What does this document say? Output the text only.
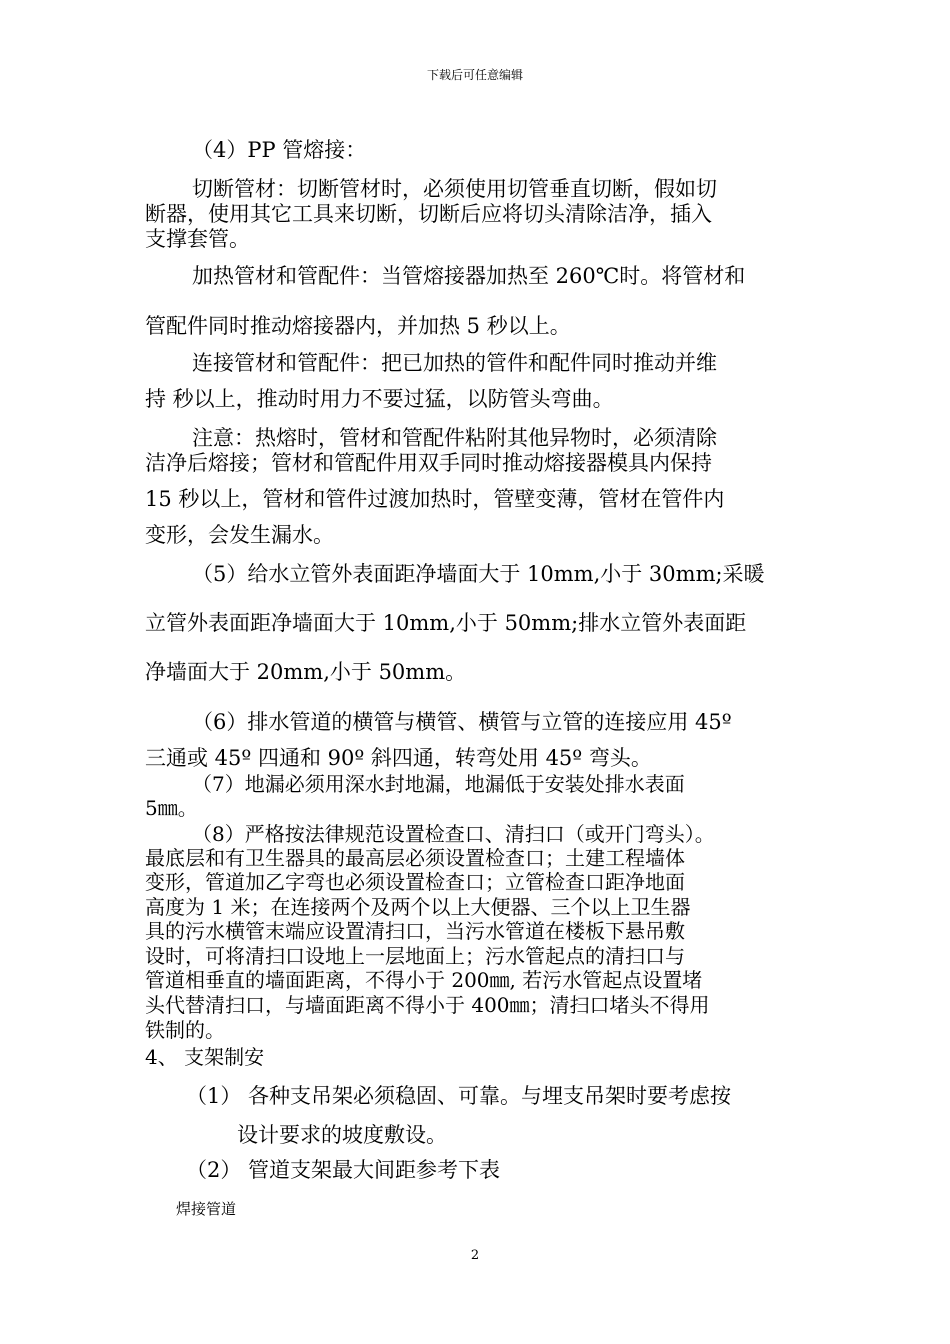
下载后可任意编辑
（4）PP 管熔接：
切断管材：切断管材时，必须使用切管垂直切断，假如切
断器，使用其它工具来切断，切断后应将切头清除洁净，插入
支撑套管。
加热管材和管配件：当管熔接器加热至 260℃时。将管材和
管配件同时推动熔接器内，并加热 5 秒以上。
连接管材和管配件：把已加热的管件和配件同时推动并维
持 秒以上，推动时用力不要过猛，以防管头弯曲。
注意：热熔时，管材和管配件粘附其他异物时，必须清除
洁净后熔接；管材和管配件用双手同时推动熔接器模具内保持
15 秒以上，管材和管件过渡加热时，管壁变薄，管材在管件内
变形，会发生漏水。
（5）给水立管外表面距净墙面大于 10mm,小于 30mm;采暖
立管外表面距净墙面大于 10mm,小于 50mm;排水立管外表面距
净墙面大于 20mm,小于 50mm。
（6）排水管道的横管与横管、横管与立管的连接应用 45º
三通或 45º 四通和 90º 斜四通，转弯处用 45º 弯头。
（7）地漏必须用深水封地漏，地漏低于安装处排水表面
5㎜。
（8）严格按法律规范设置检查口、清扫口（或开门弯头）。
最底层和有卫生器具的最高层必须设置检查口；土建工程墙体
变形，管道加乙字弯也必须设置检查口；立管检查口距净地面
高度为 1 米；在连接两个及两个以上大便器、三个以上卫生器
具的污水横管末端应设置清扫口，当污水管道在楼板下悬吊敷
设时，可将清扫口设地上一层地面上；污水管起点的清扫口与
管道相垂直的墙面距离，不得小于 200㎜, 若污水管起点设置堵
头代替清扫口，与墙面距离不得小于 400㎜；清扫口堵头不得用
铁制的。
4、 支架制安
（1） 各种支吊架必须稳固、可靠。与埋支吊架时要考虑按
设计要求的坡度敷设。
（2） 管道支架最大间距参考下表
焊接管道
2
